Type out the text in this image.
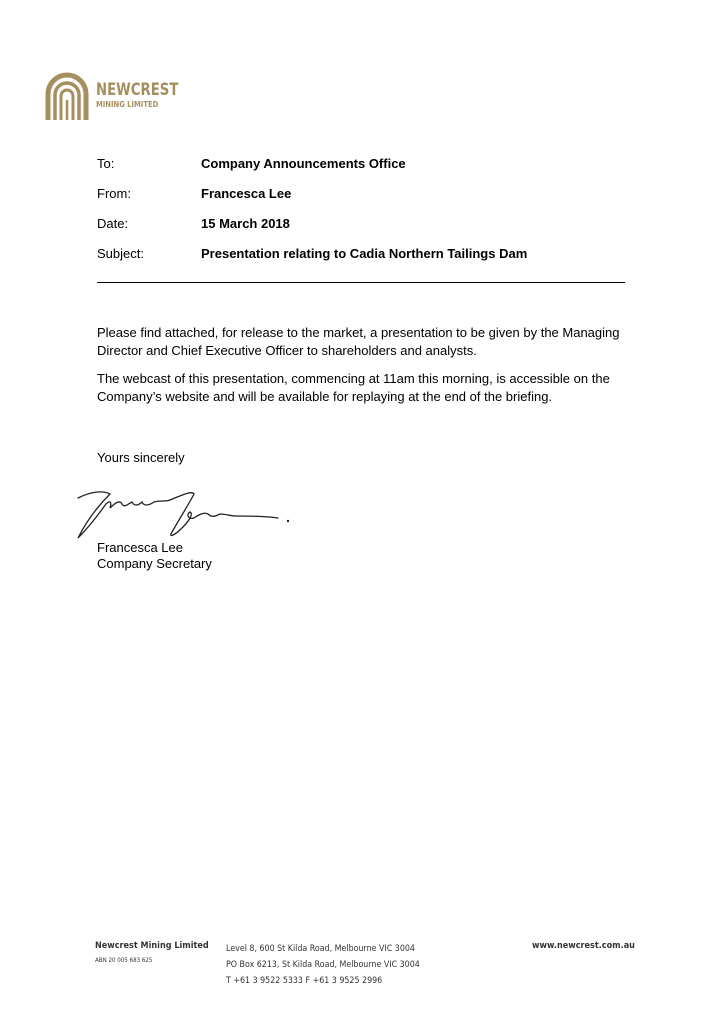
NEWCREST
MINING LIMITED
To:	Company Announcements Office
From:	Francesca Lee
Date:	15 March 2018
Subject:	Presentation relating to Cadia Northern Tailings Dam

Please find attached, for release to the market, a presentation to be given by the Managing Director and Chief Executive Officer to shareholders and analysts.

The webcast of this presentation, commencing at 11am this morning, is accessible on the Company’s website and will be available for replaying at the end of the briefing.

Yours sincerely
Francesca Lee
Company Secretary
Newcrest Mining Limited
ABN 20 005 683 625
Level 8, 600 St Kilda Road, Melbourne VIC 3004
PO Box 6213, St Kilda Road, Melbourne VIC 3004
T +61 3 9522 5333 F +61 3 9525 2996
www.newcrest.com.au
